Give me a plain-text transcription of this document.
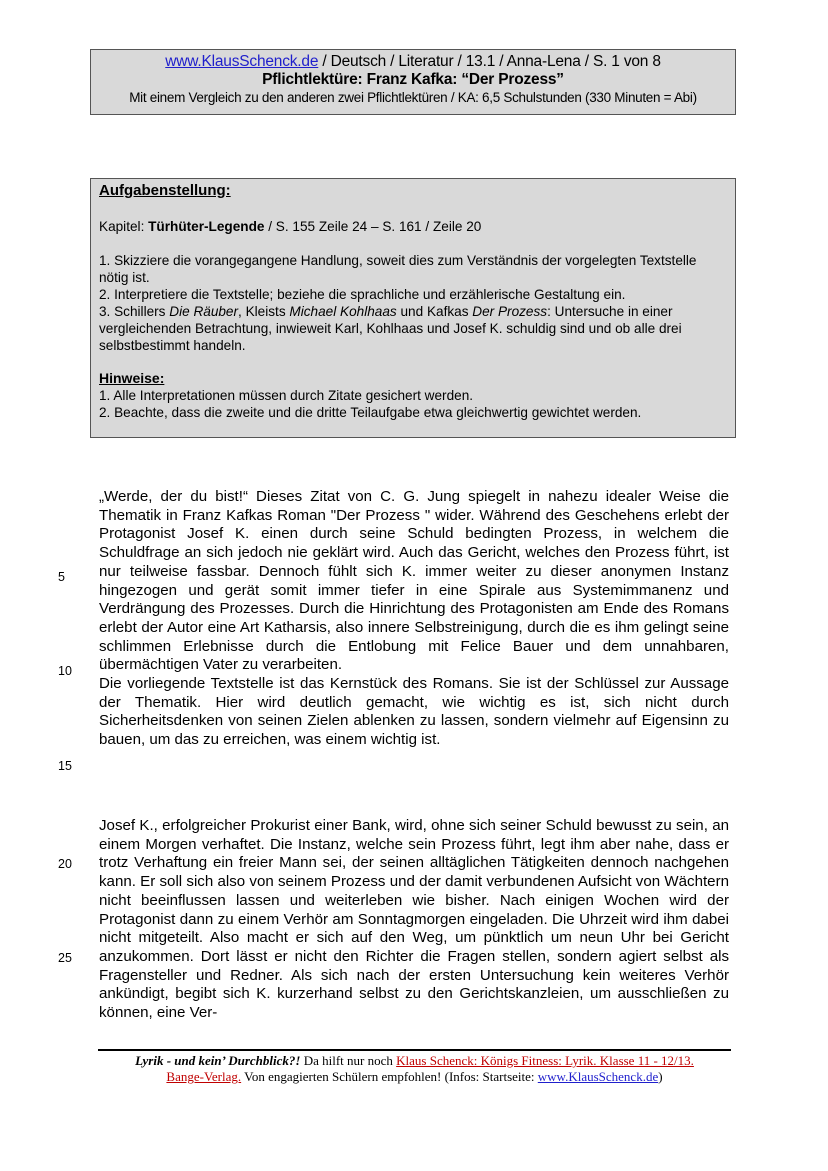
www.KlausSchenck.de / Deutsch / Literatur / 13.1 / Anna-Lena / S. 1 von 8
Pflichtlektüre: Franz Kafka: “Der Prozess”
Mit einem Vergleich zu den anderen zwei Pflichtlektüren / KA: 6,5 Schulstunden (330 Minuten = Abi)
Aufgabenstellung:
Kapitel: Türhüter-Legende / S. 155 Zeile 24 – S. 161 / Zeile 20
1. Skizziere die vorangegangene Handlung, soweit dies zum Verständnis der vorgelegten Textstelle nötig ist.
2. Interpretiere die Textstelle; beziehe die sprachliche und erzählerische Gestaltung ein.
3. Schillers Die Räuber, Kleists Michael Kohlhaas und Kafkas Der Prozess: Untersuche in einer vergleichenden Betrachtung, inwieweit Karl, Kohlhaas und Josef K. schuldig sind und ob alle drei selbstbestimmt handeln.
Hinweise:
1. Alle Interpretationen müssen durch Zitate gesichert werden.
2. Beachte, dass die zweite und die dritte Teilaufgabe etwa gleichwertig gewichtet werden.
5
10
15
20
25

„Werde, der du bist!“ Dieses Zitat von C. G. Jung spiegelt in nahezu idealer Weise die Thematik in Franz Kafkas Roman "Der Prozess " wider. Während des Geschehens erlebt der Protagonist Josef K. einen durch seine Schuld bedingten Prozess, in welchem die Schuldfrage an sich jedoch nie geklärt wird. Auch das Gericht, welches den Prozess führt, ist nur teilweise fassbar. Dennoch fühlt sich K. immer weiter zu dieser anonymen Instanz hingezogen und gerät somit immer tiefer in eine Spirale aus Systemimmanenz und Verdrängung des Prozesses. Durch die Hinrichtung des Protagonisten am Ende des Romans erlebt der Autor eine Art Katharsis, also innere Selbstreinigung, durch die es ihm gelingt seine schlimmen Erlebnisse durch die Entlobung mit Felice Bauer und dem unnahbaren, übermächtigen Vater zu verarbeiten.

Die vorliegende Textstelle ist das Kernstück des Romans. Sie ist der Schlüssel zur Aussage der Thematik. Hier wird deutlich gemacht, wie wichtig es ist, sich nicht durch Sicherheitsdenken von seinen Zielen ablenken zu lassen, sondern vielmehr auf Eigensinn zu bauen, um das zu erreichen, was einem wichtig ist.

Josef K., erfolgreicher Prokurist einer Bank, wird, ohne sich seiner Schuld bewusst zu sein, an einem Morgen verhaftet. Die Instanz, welche sein Prozess führt, legt ihm aber nahe, dass er trotz Verhaftung ein freier Mann sei, der seinen alltäglichen Tätigkeiten dennoch nachgehen kann. Er soll sich also von seinem Prozess und der damit verbundenen Aufsicht von Wächtern nicht beeinflussen lassen und weiterleben wie bisher. Nach einigen Wochen wird der Protagonist dann zu einem Verhör am Sonntagmorgen eingeladen. Die Uhrzeit wird ihm dabei nicht mitgeteilt. Also macht er sich auf den Weg, um pünktlich um neun Uhr bei Gericht anzukommen. Dort lässt er nicht den Richter die Fragen stellen, sondern agiert selbst als Fragensteller und Redner. Als sich nach der ersten Untersuchung kein weiteres Verhör ankündigt, begibt sich K. kurzerhand selbst zu den Gerichtskanzleien, um ausschließen zu können, eine Ver-

Lyrik - und kein’ Durchblick?! Da hilft nur noch Klaus Schenck: Königs Fitness: Lyrik. Klasse 11 - 12/13.
Bange-Verlag. Von engagierten Schülern empfohlen! (Infos: Startseite: www.KlausSchenck.de)
